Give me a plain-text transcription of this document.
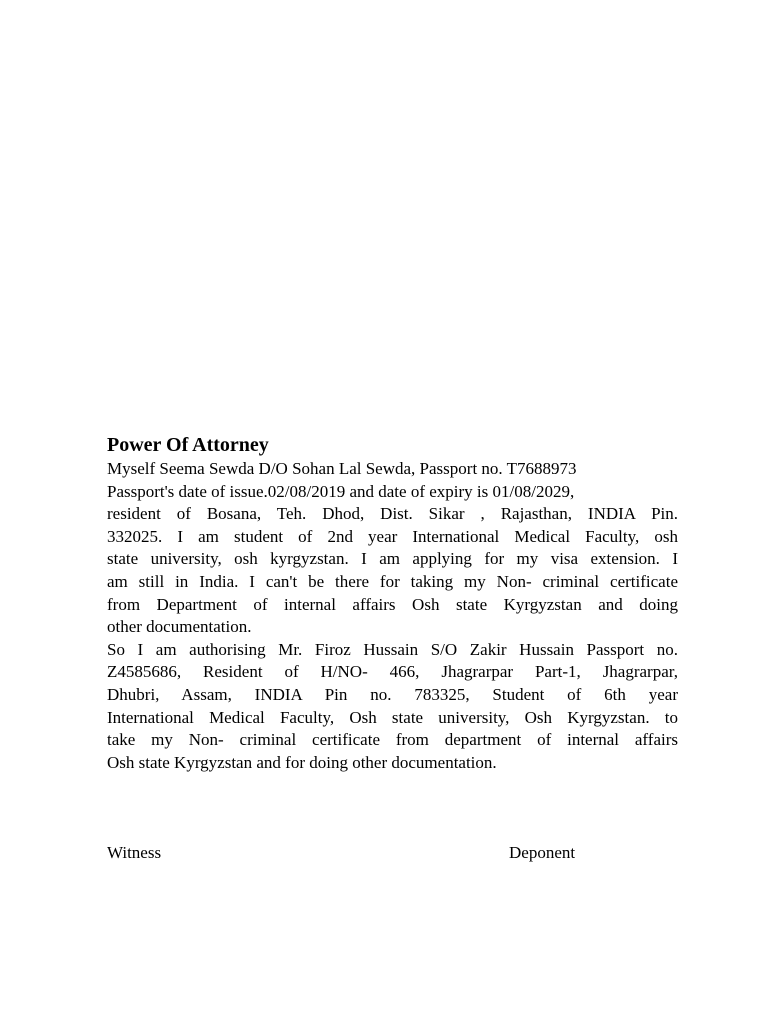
Power Of Attorney

Myself Seema Sewda D/O Sohan Lal Sewda, Passport no. T7688973
Passport's date of issue.02/08/2019 and date of expiry is 01/08/2029,
resident of Bosana, Teh. Dhod, Dist. Sikar , Rajasthan, INDIA Pin.
332025. I am student of 2nd year International Medical Faculty, osh
state university, osh kyrgyzstan. I am applying for my visa extension. I
am still in India. I can't be there for taking my Non- criminal certificate
from Department of internal affairs Osh state Kyrgyzstan and doing
other documentation.

So I am authorising Mr. Firoz Hussain S/O Zakir Hussain Passport no.
Z4585686, Resident of H/NO- 466, Jhagrarpar Part-1, Jhagrarpar,
Dhubri, Assam, INDIA Pin no. 783325, Student of 6th year
International Medical Faculty, Osh state university, Osh Kyrgyzstan. to
take my Non- criminal certificate from department of internal affairs
Osh state Kyrgyzstan and for doing other documentation.

Witness	Deponent
